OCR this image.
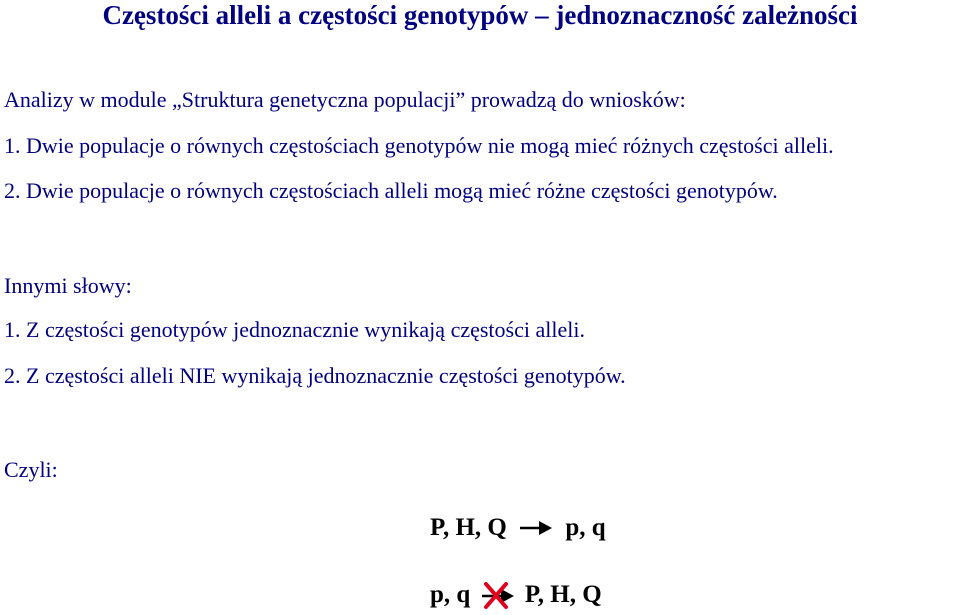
Częstości alleli a częstości genotypów – jednoznaczność zależności
Analizy w module „Struktura genetyczna populacji” prowadzą do wniosków:
1. Dwie populacje o równych częstościach genotypów nie mogą mieć różnych częstości alleli.
2. Dwie populacje o równych częstościach alleli mogą mieć różne częstości genotypów.
Innymi słowy:
1. Z częstości genotypów jednoznacznie wynikają częstości alleli.
2. Z częstości alleli NIE wynikają jednoznacznie częstości genotypów.
Czyli:
P, H, Q p, q
p, q P, H, Q
